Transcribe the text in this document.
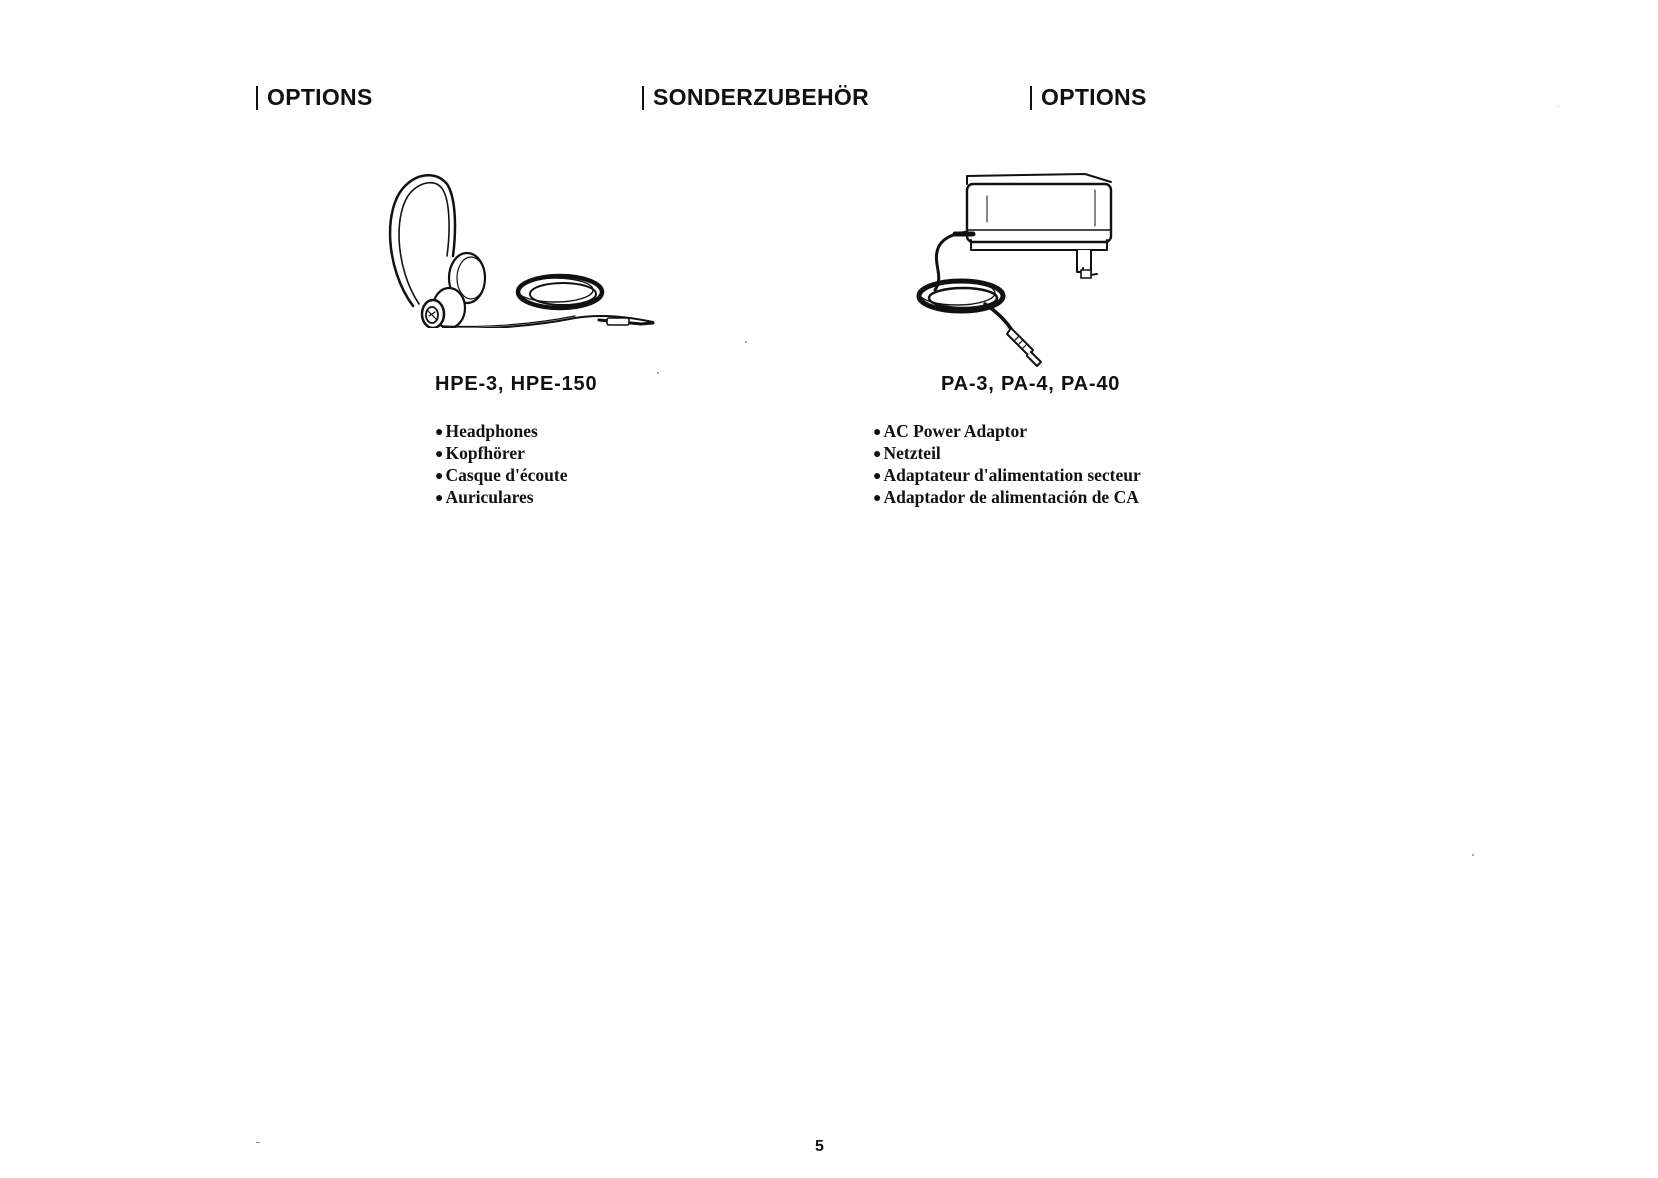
OPTIONS	SONDERZUBEHÖR	OPTIONS
HPE-3, HPE-150	PA-3, PA-4, PA-40
● Headphones
● Kopfhörer
● Casque d'écoute
● Auriculares
● AC Power Adaptor
● Netzteil
● Adaptateur d'alimentation secteur
● Adaptador de alimentación de CA
5
